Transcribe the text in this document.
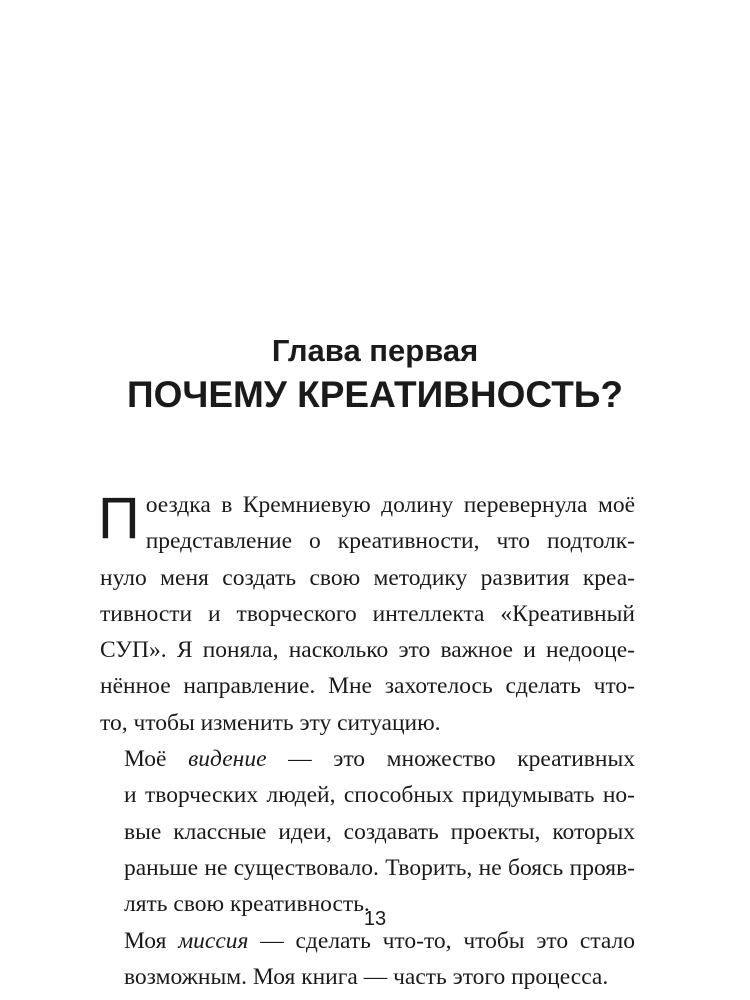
Глава первая
ПОЧЕМУ КРЕАТИВНОСТЬ?
П оездка в Кремниевую долину перевернула моё
представление о креативности, что подтолк-
нуло меня создать свою методику развития креа-
тивности и творческого интеллекта «Креативный
СУП». Я поняла, насколько это важное и недооце-
нённое направление. Мне захотелось сделать что-
то, чтобы изменить эту ситуацию.
Моё видение — это множество креативных
и творческих людей, способных придумывать но-
вые классные идеи, создавать проекты, которых
раньше не существовало. Творить, не боясь прояв-
лять свою креативность.
Моя миссия — сделать что-то, чтобы это стало
возможным. Моя книга — часть этого процесса.
13
